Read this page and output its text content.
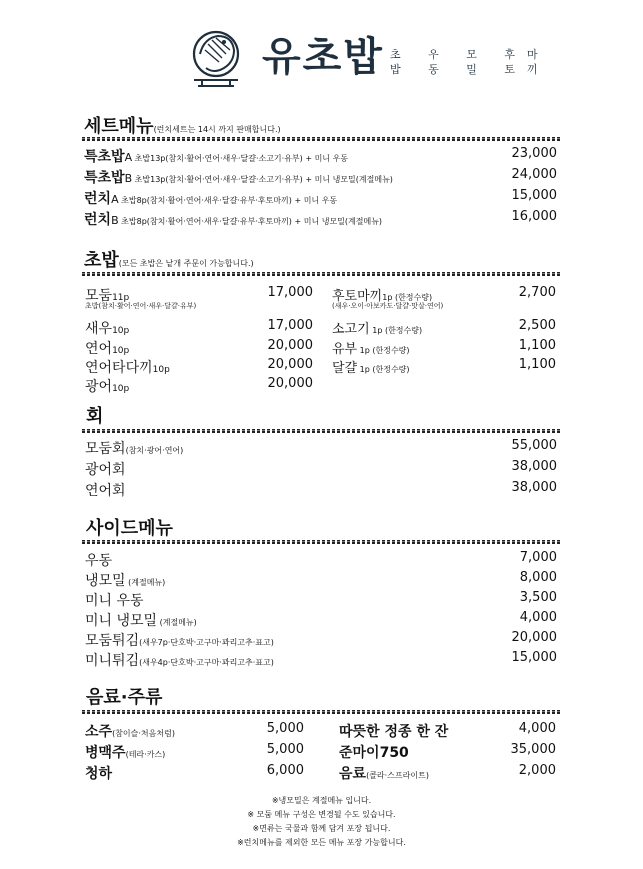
유초밥 초 우 모 후마
밥 동 밀 토끼
세트메뉴(런치세트는 14시 까지 판매합니다.)
특초밥A 초밥13p(참치·활어·연어·새우·달걀·소고기·유부) + 미니 우동	23,000
특초밥B 초밥13p(참치·활어·연어·새우·달걀·소고기·유부) + 미니 냉모밀(계절메뉴)	24,000
런치A 초밥8p(참치·활어·연어·새우·달걀·유부·후토마끼) + 미니 우동	15,000
런치B 초밥8p(참치·활어·연어·새우·달걀·유부·후토마끼) + 미니 냉모밀(계절메뉴)	16,000
초밥(모든 초밥은 낱개 주문이 가능합니다.)
모둠11p	17,000
초밥(참치·활어·연어·새우·달걀·유부)
새우10p	17,000
연어10p	20,000
연어타다끼10p	20,000
광어10p	20,000
후토마끼1p (한정수량)	2,700
(새우·오이·아보카도·달걀·맛살·연어)
소고기 1p (한정수량)	2,500
유부 1p (한정수량)	1,100
달걀 1p (한정수량)	1,100
회
모둠회(참치·광어·연어)	55,000
광어회	38,000
연어회	38,000
사이드메뉴
우동	7,000
냉모밀 (계절메뉴)	8,000
미니 우동	3,500
미니 냉모밀 (계절메뉴)	4,000
모둠튀김(새우7p·단호박·고구마·꽈리고추·표고)	20,000
미니튀김(새우4p·단호박·고구마·꽈리고추·표고)	15,000
음료·주류
소주(참이슬·처음처럼)	5,000
병맥주(테라·카스)	5,000
청하	6,000
따뜻한 정종 한 잔	4,000
준마이750	35,000
음료(콜라·스프라이트)	2,000
※냉모밀은 계절메뉴 입니다.
※ 모둠 메뉴 구성은 변경될 수도 있습니다.
※면류는 국물과 함께 담겨 포장 됩니다.
※런치메뉴를 제외한 모든 메뉴 포장 가능합니다.
